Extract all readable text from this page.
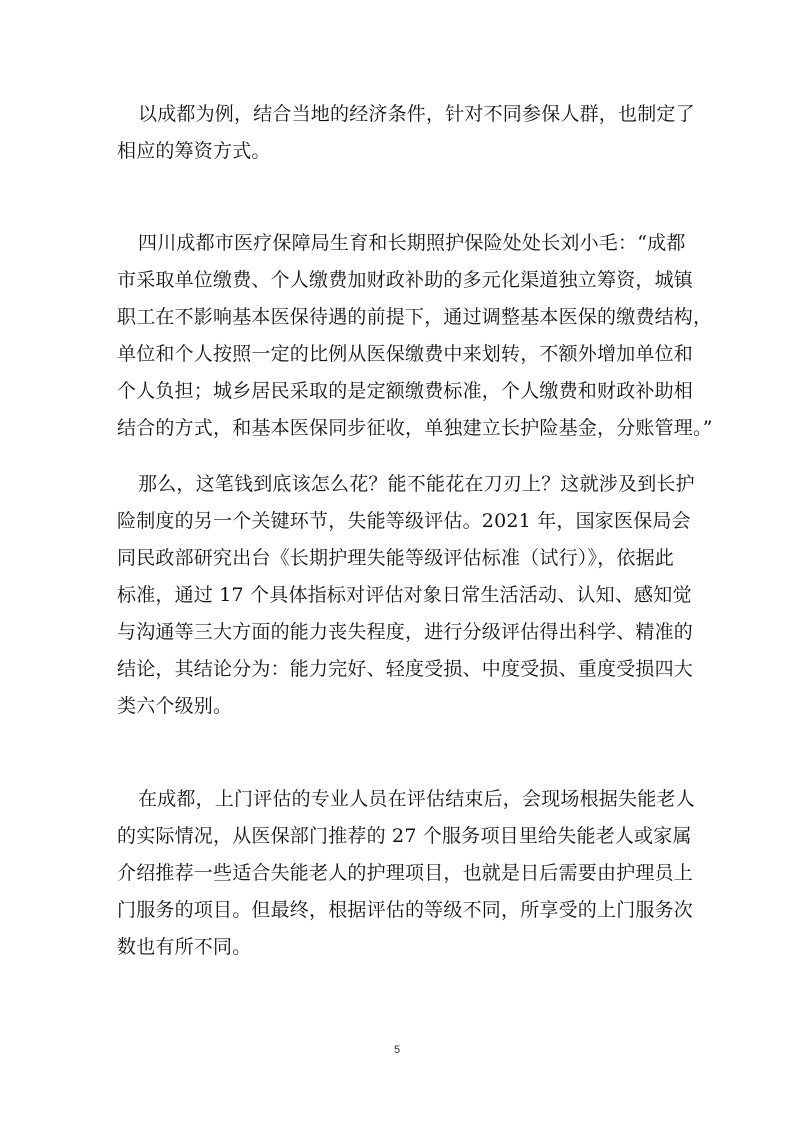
以成都为例，结合当地的经济条件，针对不同参保人群，也制定了
相应的筹资方式。
四川成都市医疗保障局生育和长期照护保险处处长刘小毛：“成都
市采取单位缴费、个人缴费加财政补助的多元化渠道独立筹资，城镇
职工在不影响基本医保待遇的前提下，通过调整基本医保的缴费结构，
单位和个人按照一定的比例从医保缴费中来划转，不额外增加单位和
个人负担；城乡居民采取的是定额缴费标准，个人缴费和财政补助相
结合的方式，和基本医保同步征收，单独建立长护险基金，分账管理。”
那么，这笔钱到底该怎么花？能不能花在刀刃上？这就涉及到长护
险制度的另一个关键环节，失能等级评估。2021 年，国家医保局会
同民政部研究出台《长期护理失能等级评估标准（试行）》，依据此
标准，通过 17 个具体指标对评估对象日常生活活动、认知、感知觉
与沟通等三大方面的能力丧失程度，进行分级评估得出科学、精准的
结论，其结论分为：能力完好、轻度受损、中度受损、重度受损四大
类六个级别。
在成都，上门评估的专业人员在评估结束后，会现场根据失能老人
的实际情况，从医保部门推荐的 27 个服务项目里给失能老人或家属
介绍推荐一些适合失能老人的护理项目，也就是日后需要由护理员上
门服务的项目。但最终，根据评估的等级不同，所享受的上门服务次
数也有所不同。
5
